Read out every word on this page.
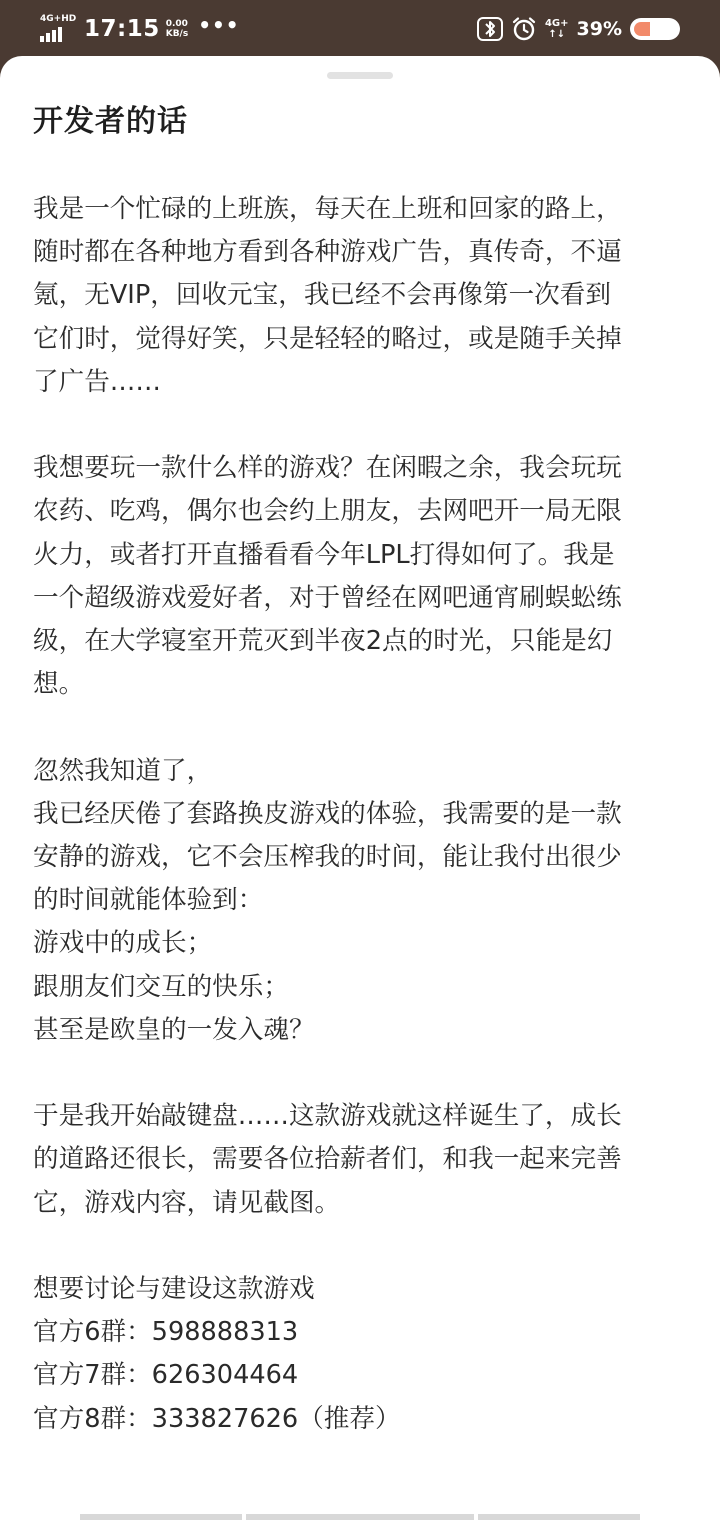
4G+HD 17:15 0.00
KB/s •••	4G+
↑↓ 39%
开发者的话
我是一个忙碌的上班族，每天在上班和回家的路上，
随时都在各种地方看到各种游戏广告，真传奇，不逼
氪，无VIP，回收元宝，我已经不会再像第一次看到
它们时，觉得好笑，只是轻轻的略过，或是随手关掉
了广告……
我想要玩一款什么样的游戏？在闲暇之余，我会玩玩
农药、吃鸡，偶尔也会约上朋友，去网吧开一局无限
火力，或者打开直播看看今年LPL打得如何了。我是
一个超级游戏爱好者，对于曾经在网吧通宵刷蜈蚣练
级，在大学寝室开荒灭到半夜2点的时光，只能是幻
想。
忽然我知道了，
我已经厌倦了套路换皮游戏的体验，我需要的是一款
安静的游戏，它不会压榨我的时间，能让我付出很少
的时间就能体验到：
游戏中的成长；
跟朋友们交互的快乐；
甚至是欧皇的一发入魂？
于是我开始敲键盘……这款游戏就这样诞生了，成长
的道路还很长，需要各位拾薪者们，和我一起来完善
它，游戏内容，请见截图。
想要讨论与建设这款游戏
官方6群：598888313
官方7群：626304464
官方8群：333827626（推荐）
